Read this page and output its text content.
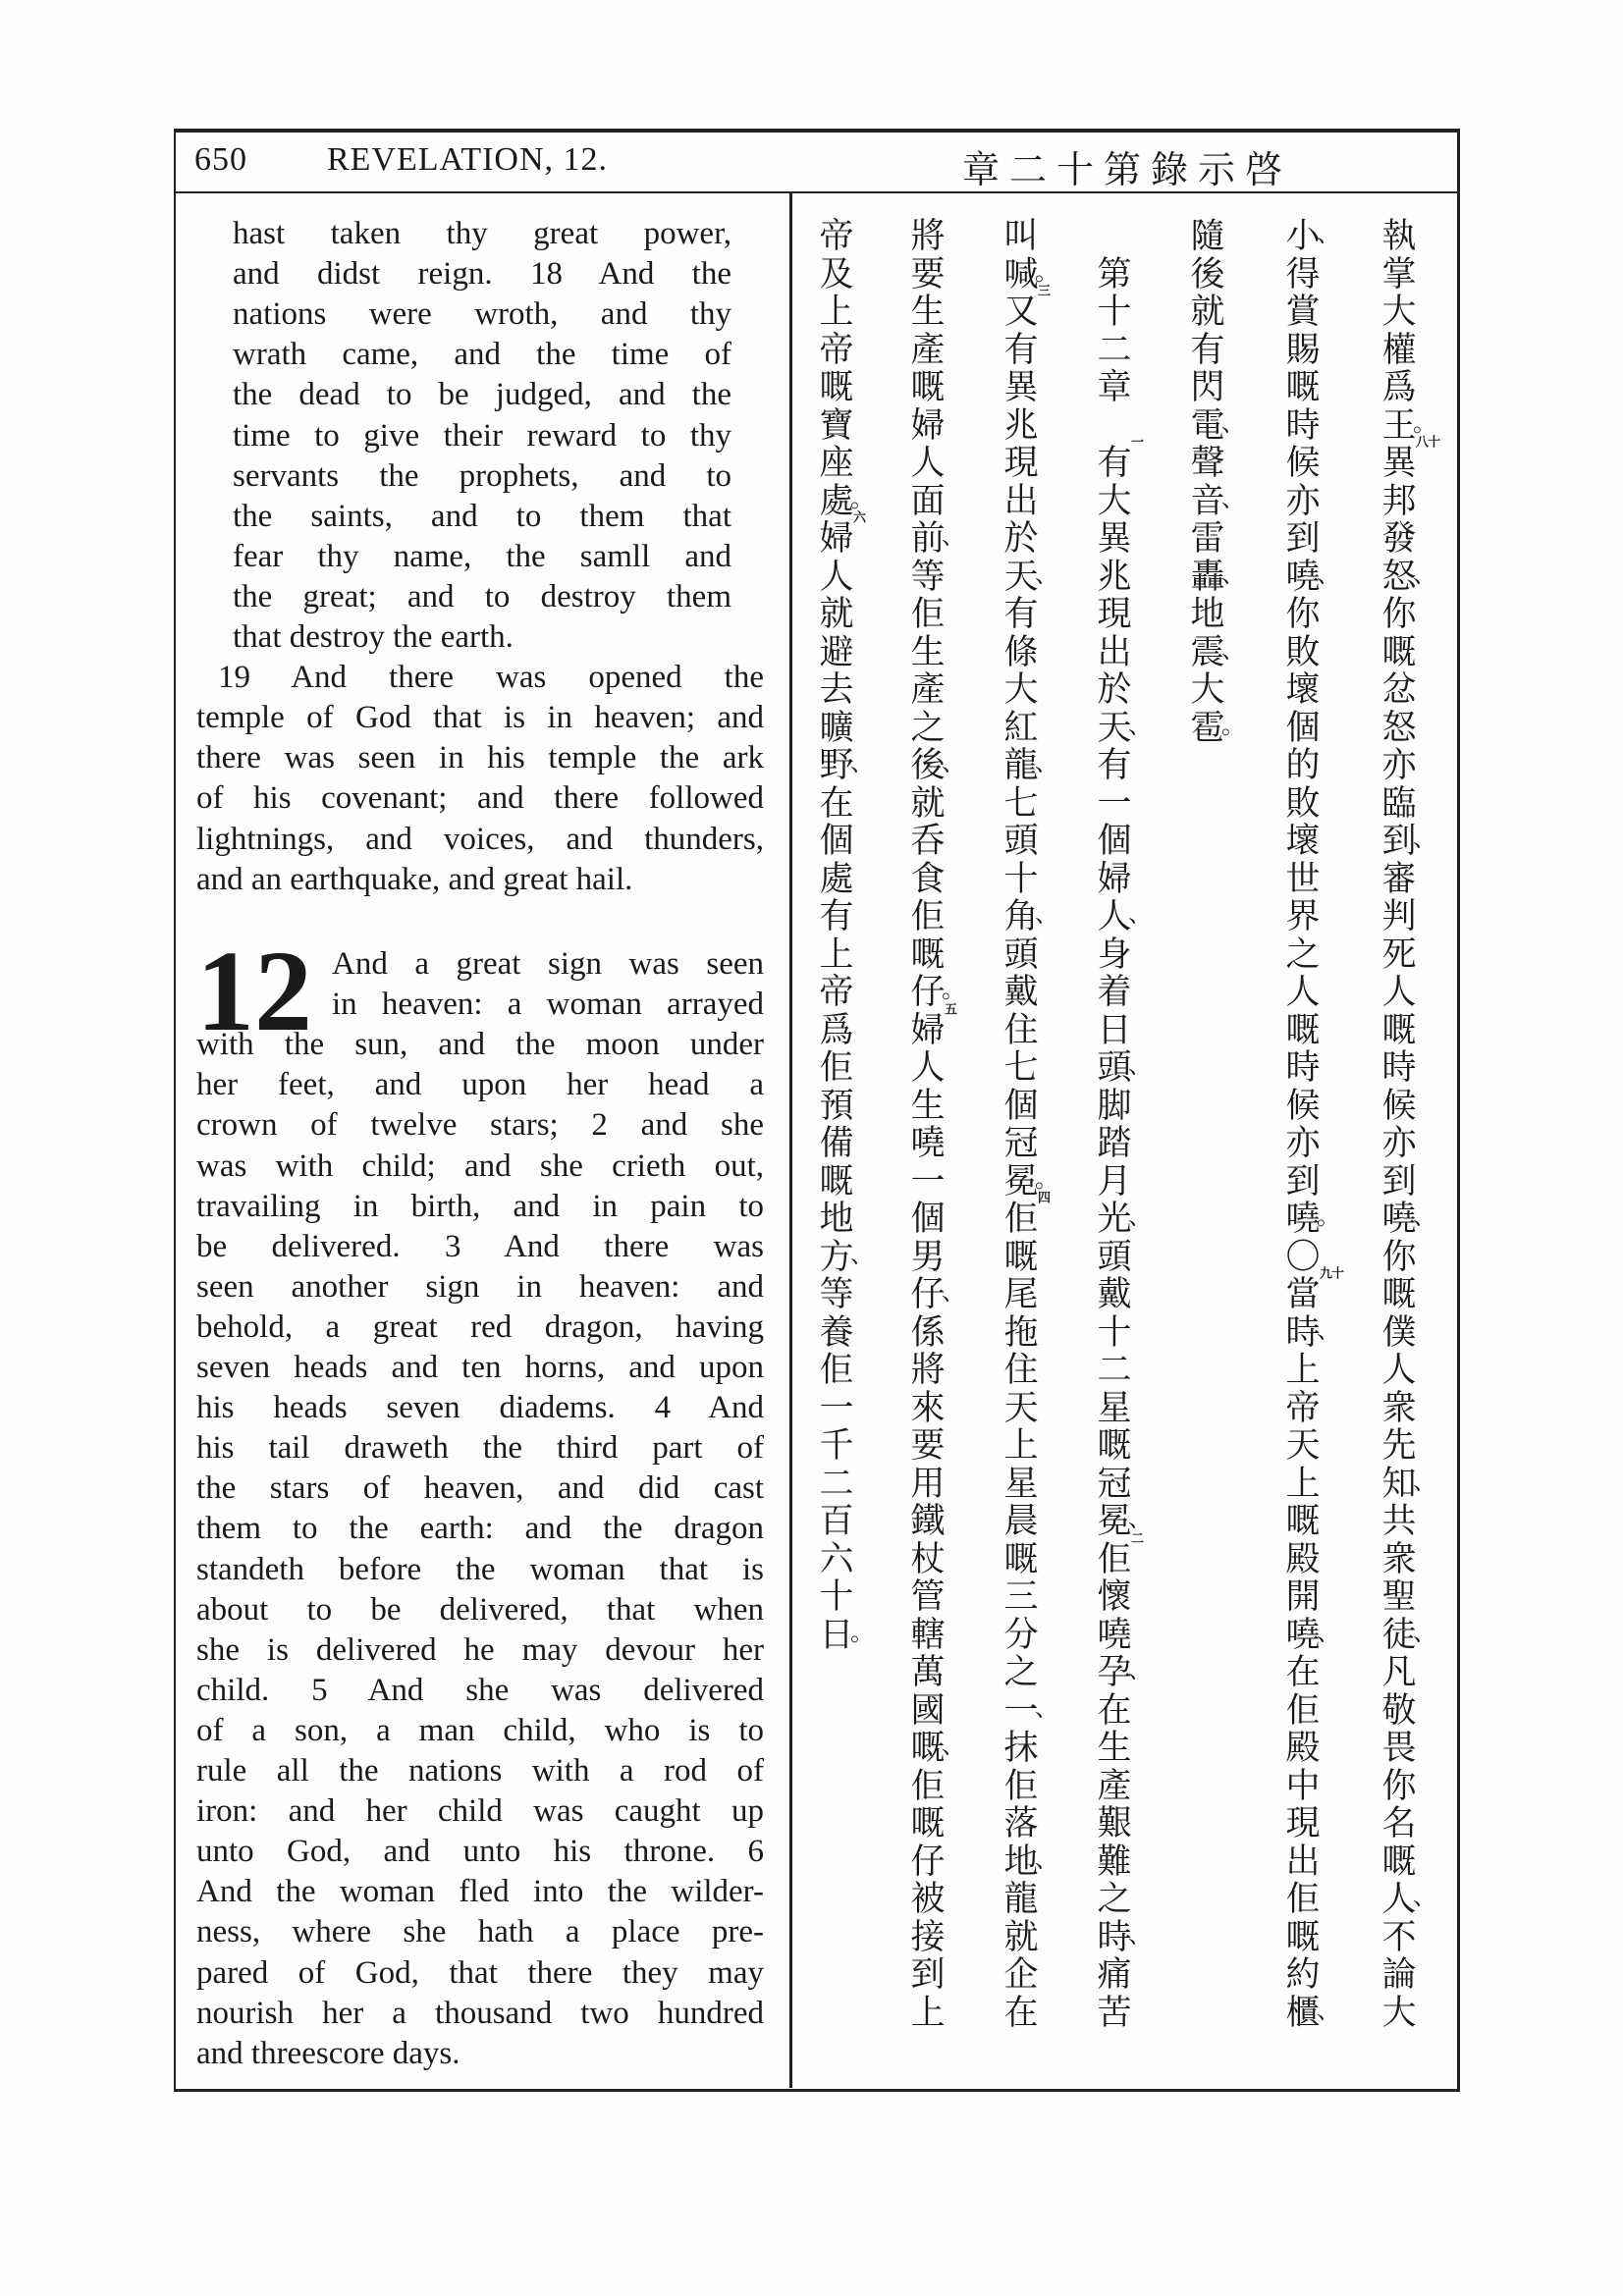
650 REVELATION, 12.	啓示錄第十二章
hast taken thy great power,
and didst reign. 18 And the
nations were wroth, and thy
wrath came, and the time of
the dead to be judged, and the
time to give their reward to thy
servants the prophets, and to
the saints, and to them that
fear thy name, the samll and
the great; and to destroy them
that destroy the earth.
19 And there was opened the
temple of God that is in heaven; and
there was seen in his temple the ark
of his covenant; and there followed
lightnings, and voices, and thunders,
and an earthquake, and great hail.
And a great sign was seen
in heaven: a woman arrayed
with the sun, and the moon under
her feet, and upon her head a
crown of twelve stars; 2 and she
was with child; and she crieth out,
travailing in birth, and in pain to
be delivered. 3 And there was
seen another sign in heaven: and
behold, a great red dragon, having
seven heads and ten horns, and upon
his heads seven diadems. 4 And
his tail draweth the third part of
the stars of heaven, and did cast
them to the earth: and the dragon
standeth before the woman that is
about to be delivered, that when
she is delivered he may devour her
child. 5 And she was delivered
of a son, a man child, who is to
rule all the nations with a rod of
iron: and her child was caught up
unto God, and unto his throne. 6
And the woman fled into the wilder-
ness, where she hath a place pre-
pared of God, that there they may
nourish her a thousand two hundred
and threescore days.
12
執
掌
大
權
爲
王
。
十八
異
邦
發
怒
、
你
嘅
忿
怒
亦
臨
到
、
審
判
死
人
嘅
時
候
亦
到
嘵
、
你
嘅
僕
人
衆
先
知
、
共
衆
聖
徒
、
凡
敬
畏
你
名
嘅
人
、
不
論
大
小
、
得
賞
賜
嘅
時
候
亦
到
嘵
、
你
敗
壞
個
的
敗
壞
世
界
之
人
嘅
時
候
亦
到
嘵
。
〇 十九
當
時
、
上
帝
天
上
嘅
殿
開
嘵
、
在
佢
殿
中
現
出
佢
嘅
約
櫃
、
隨
後
就
有
閃
電
、
聲
音
、
雷
轟
、
地
震
、
大
雹
。

第
十
二
章

一
有
大
異
兆
現
出
於
天
、
有
一
個
婦
人
、
身
着
日
頭
、
脚
踏
月
光
、
頭
戴
十
二
星
嘅
冠
冕
、
二
佢
懷
嘵
孕
、
在
生
產
艱
難
之
時
、
痛
苦
叫
喊
。
三
又
有
異
兆
現
出
於
天
、
有
條
大
紅
龍
、
七
頭
十
角
、
頭
戴
住
七
個
冠
冕
。
四
佢
嘅
尾
拖
住
天
上
星
晨
嘅
三
分
之
一
、
抹
佢
落
地
、
龍
就
企
在
將
要
生
產
嘅
婦
人
面
前
、
等
佢
生
產
之
後
、
就
呑
食
佢
嘅
仔
。
五
婦
人
生
嘵
一
個
男
仔
、
係
將
來
要
用
鐵
杖
管
轄
萬
國
嘅
、
佢
嘅
仔
被
接
到
上
帝
及
上
帝
嘅
寶
座
處
。
六
婦
人
就
避
去
曠
野
、
在
個
處
有
上
帝
爲
佢
預
備
嘅
地
方
、
等
養
佢
一
千
二
百
六
十
日
。
